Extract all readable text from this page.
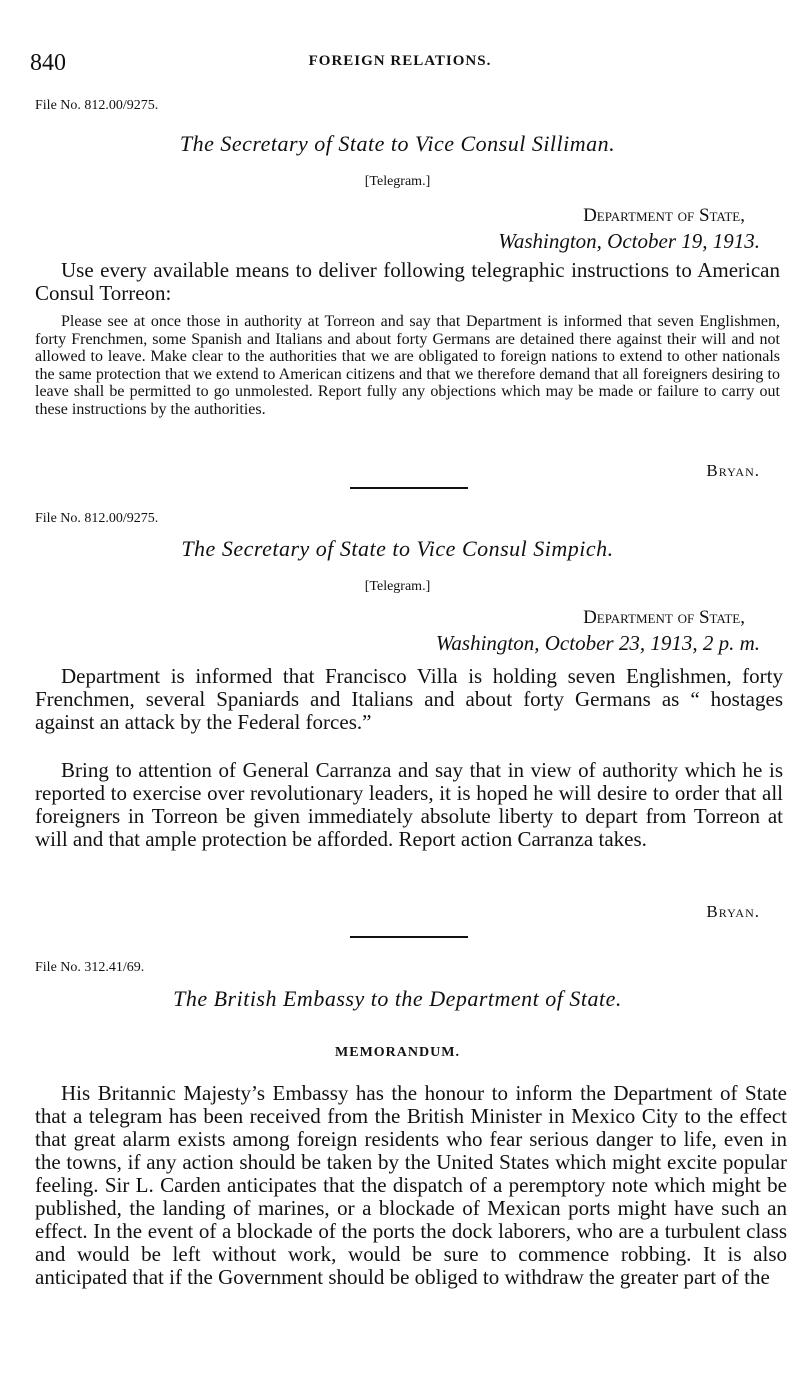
840	FOREIGN RELATIONS.
File No. 812.00/9275.
The Secretary of State to Vice Consul Silliman.
[Telegram.]
Department of State,
Washington, October 19, 1913.

Use every available means to deliver following telegraphic instructions to American Consul Torreon:

Please see at once those in authority at Torreon and say that Department is informed that seven Englishmen, forty Frenchmen, some Spanish and Italians and about forty Germans are detained there against their will and not allowed to leave. Make clear to the authorities that we are obligated to foreign nations to extend to other nationals the same protection that we extend to American citizens and that we therefore demand that all foreigners desiring to leave shall be permitted to go unmolested. Report fully any objections which may be made or failure to carry out these instructions by the authorities.

Bryan.
File No. 812.00/9275.
The Secretary of State to Vice Consul Simpich.
[Telegram.]
Department of State,
Washington, October 23, 1913, 2 p. m.

Department is informed that Francisco Villa is holding seven Englishmen, forty Frenchmen, several Spaniards and Italians and about forty Germans as “ hostages against an attack by the Federal forces.”

Bring to attention of General Carranza and say that in view of authority which he is reported to exercise over revolutionary leaders, it is hoped he will desire to order that all foreigners in Torreon be given immediately absolute liberty to depart from Torreon at will and that ample protection be afforded. Report action Carranza takes.

Bryan.
File No. 312.41/69.
The British Embassy to the Department of State.
MEMORANDUM.

His Britannic Majesty’s Embassy has the honour to inform the Department of State that a telegram has been received from the British Minister in Mexico City to the effect that great alarm exists among foreign residents who fear serious danger to life, even in the towns, if any action should be taken by the United States which might excite popular feeling. Sir L. Carden anticipates that the dispatch of a peremptory note which might be published, the landing of marines, or a blockade of Mexican ports might have such an effect. In the event of a blockade of the ports the dock laborers, who are a turbulent class and would be left without work, would be sure to commence robbing. It is also anticipated that if the Government should be obliged to withdraw the greater part of the
